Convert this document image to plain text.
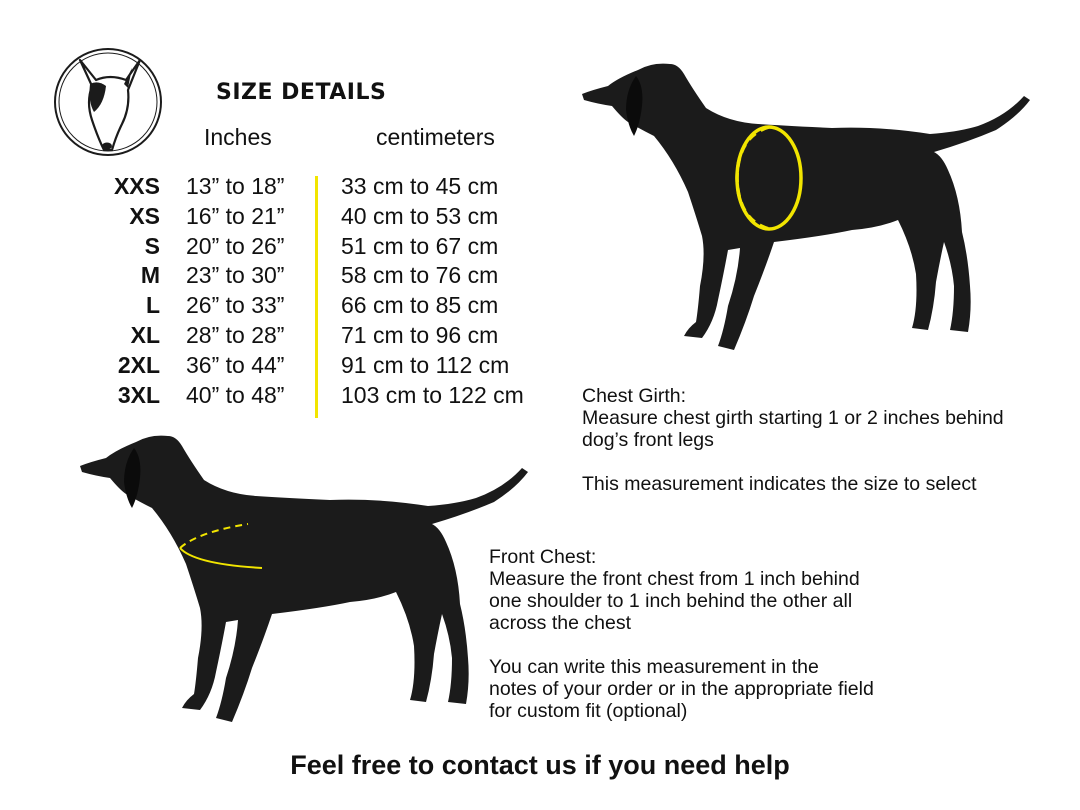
SIZE DETAILS
Inches	centimeters
XXS 13” to 18” 33 cm to 45 cm
XS 16” to 21” 40 cm to 53 cm
S 20” to 26” 51 cm to 67 cm
M 23” to 30” 58 cm to 76 cm
L 26” to 33” 66 cm to 85 cm
XL 28” to 28” 71 cm to 96 cm
2XL 36” to 44” 91 cm to 112 cm
3XL 40” to 48” 103 cm to 122 cm	Chest Girth:
Measure chest girth starting 1 or 2 inches behind
dog’s front legs
This measurement indicates the size to select
Front Chest:
Measure the front chest from 1 inch behind
one shoulder to 1 inch behind the other all
across the chest
You can write this measurement in the
notes of your order or in the appropriate field
for custom fit (optional)
Feel free to contact us if you need help
